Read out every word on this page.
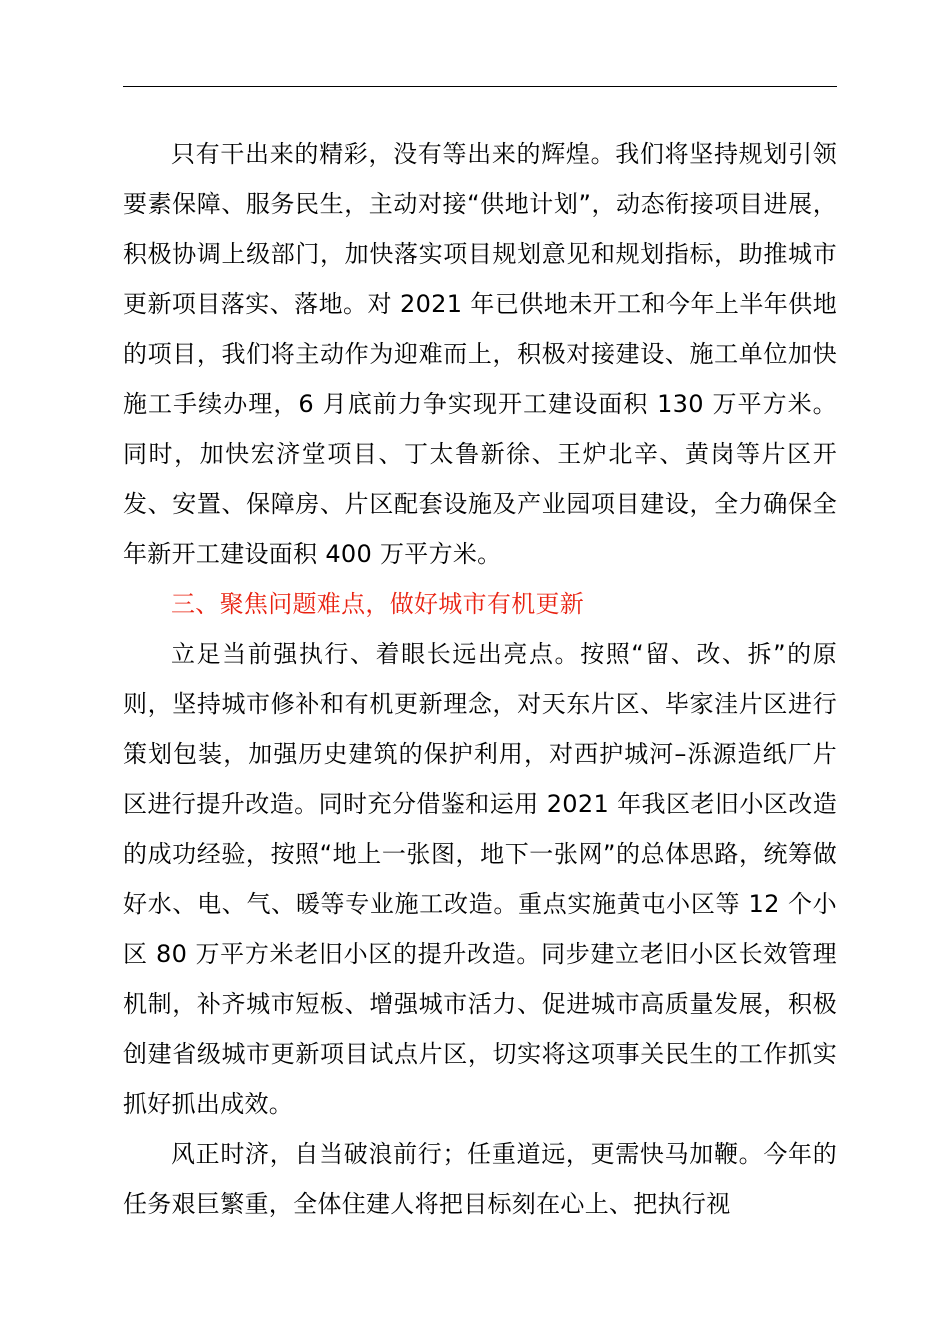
只有干出来的精彩，没有等出来的辉煌。我们将坚持规划引领要素保障、服务民生，主动对接“供地计划”，动态衔接项目进展，积极协调上级部门，加快落实项目规划意见和规划指标，助推城市更新项目落实、落地。对 2021 年已供地未开工和今年上半年供地的项目，我们将主动作为迎难而上，积极对接建设、施工单位加快施工手续办理，6 月底前力争实现开工建设面积 130 万平方米。同时，加快宏济堂项目、丁太鲁新徐、王炉北辛、黄岗等片区开发、安置、保障房、片区配套设施及产业园项目建设，全力确保全年新开工建设面积 400 万平方米。

三、聚焦问题难点，做好城市有机更新

立足当前强执行、着眼长远出亮点。按照“留、改、拆”的原则，坚持城市修补和有机更新理念，对天东片区、毕家洼片区进行策划包装，加强历史建筑的保护利用，对西护城河–泺源造纸厂片区进行提升改造。同时充分借鉴和运用 2021 年我区老旧小区改造的成功经验，按照“地上一张图，地下一张网”的总体思路，统筹做好水、电、气、暖等专业施工改造。重点实施黄屯小区等 12 个小区 80 万平方米老旧小区的提升改造。同步建立老旧小区长效管理机制，补齐城市短板、增强城市活力、促进城市高质量发展，积极创建省级城市更新项目试点片区，切实将这项事关民生的工作抓实抓好抓出成效。

风正时济，自当破浪前行；任重道远，更需快马加鞭。今年的任务艰巨繁重，全体住建人将把目标刻在心上、把执行视
